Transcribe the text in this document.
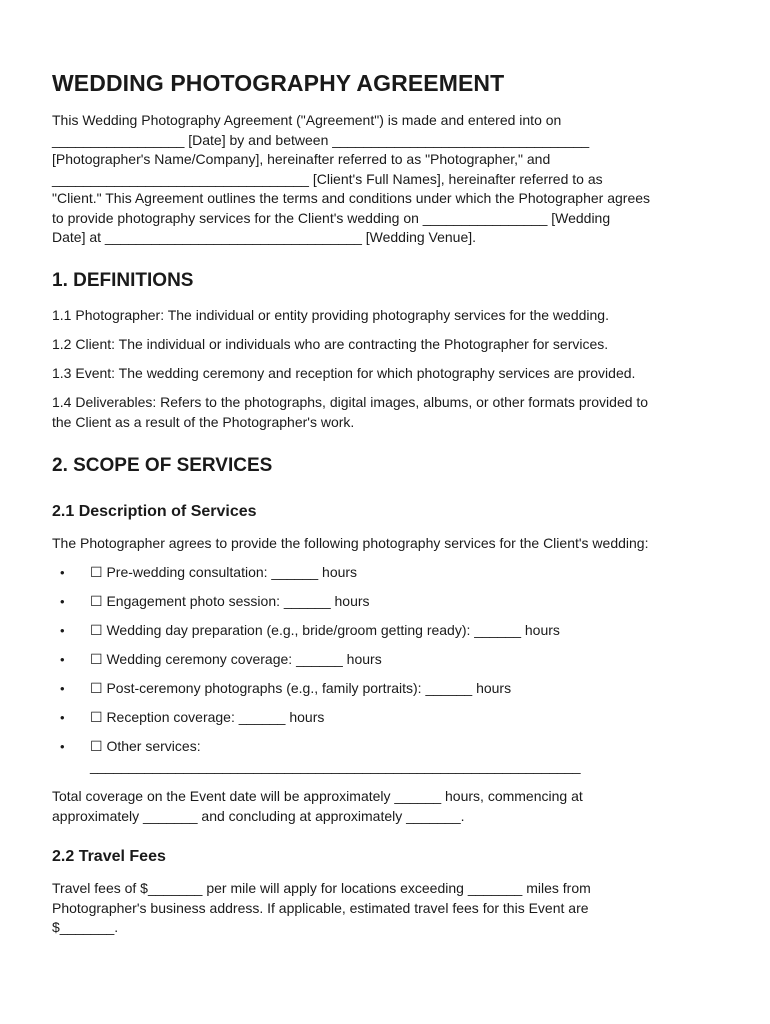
WEDDING PHOTOGRAPHY AGREEMENT
This Wedding Photography Agreement ("Agreement") is made and entered into on
_________________ [Date] by and between _________________________________
[Photographer's Name/Company], hereinafter referred to as "Photographer," and
_________________________________ [Client's Full Names], hereinafter referred to as
"Client." This Agreement outlines the terms and conditions under which the Photographer agrees
to provide photography services for the Client's wedding on ________________ [Wedding
Date] at _________________________________ [Wedding Venue].
1. DEFINITIONS

1.1 Photographer: The individual or entity providing photography services for the wedding.

1.2 Client: The individual or individuals who are contracting the Photographer for services.

1.3 Event: The wedding ceremony and reception for which photography services are provided.

1.4 Deliverables: Refers to the photographs, digital images, albums, or other formats provided to
the Client as a result of the Photographer's work.
2. SCOPE OF SERVICES
2.1 Description of Services

The Photographer agrees to provide the following photography services for the Client's wedding:

• ☐ Pre-wedding consultation: ______ hours
• ☐ Engagement photo session: ______ hours
• ☐ Wedding day preparation (e.g., bride/groom getting ready): ______ hours
• ☐ Wedding ceremony coverage: ______ hours
• ☐ Post-ceremony photographs (e.g., family portraits): ______ hours
• ☐ Reception coverage: ______ hours
• ☐ Other services:
_______________________________________________________________
Total coverage on the Event date will be approximately ______ hours, commencing at
approximately _______ and concluding at approximately _______.
2.2 Travel Fees
Travel fees of $_______ per mile will apply for locations exceeding _______ miles from
Photographer's business address. If applicable, estimated travel fees for this Event are
$_______.
